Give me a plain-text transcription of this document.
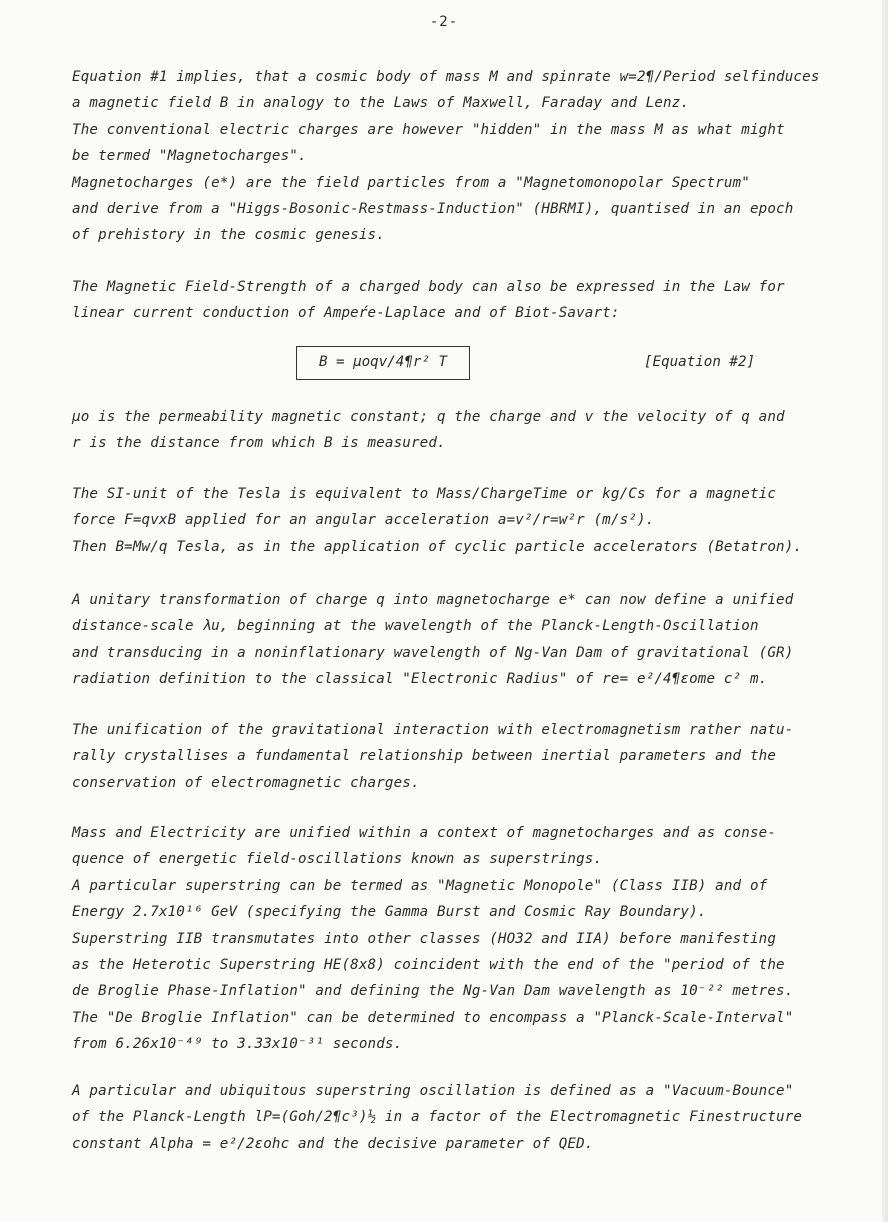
-2-
Equation #1 implies, that a cosmic body of mass M and spinrate w=2¶/Period selfinduces
a magnetic field B in analogy to the Laws of Maxwell, Faraday and Lenz.
The conventional electric charges are however "hidden" in the mass M as what might
be termed "Magnetocharges".
Magnetocharges (e*) are the field particles from a "Magnetomonopolar Spectrum"
and derive from a "Higgs-Bosonic-Restmass-Induction" (HBRMI), quantised in an epoch
of prehistory in the cosmic genesis.
The Magnetic Field-Strength of a charged body can also be expressed in the Law for
linear current conduction of Ampeŕe-Laplace and of Biot-Savart:
B = μoqv/4¶r² T	[Equation #2]
μo is the permeability magnetic constant; q the charge and v the velocity of q and
r is the distance from which B is measured.
The SI-unit of the Tesla is equivalent to Mass/ChargeTime or kg/Cs for a magnetic
force F=qvxB applied for an angular acceleration a=v²/r=w²r (m/s²).
Then B=Mw/q Tesla, as in the application of cyclic particle accelerators (Betatron).
A unitary transformation of charge q into magnetocharge e* can now define a unified
distance-scale λu, beginning at the wavelength of the Planck-Length-Oscillation
and transducing in a noninflationary wavelength of Ng-Van Dam of gravitational (GR)
radiation definition to the classical "Electronic Radius" of re= e²/4¶εome c² m.
The unification of the gravitational interaction with electromagnetism rather natu-
rally crystallises a fundamental relationship between inertial parameters and the
conservation of electromagnetic charges.
Mass and Electricity are unified within a context of magnetocharges and as conse-
quence of energetic field-oscillations known as superstrings.
A particular superstring can be termed as "Magnetic Monopole" (Class IIB) and of
Energy 2.7x10¹⁶ GeV (specifying the Gamma Burst and Cosmic Ray Boundary).
Superstring IIB transmutates into other classes (HO32 and IIA) before manifesting
as the Heterotic Superstring HE(8x8) coincident with the end of the "period of the
de Broglie Phase-Inflation" and defining the Ng-Van Dam wavelength as 10⁻²² metres.
The "De Broglie Inflation" can be determined to encompass a "Planck-Scale-Interval"
from 6.26x10⁻⁴⁹ to 3.33x10⁻³¹ seconds.
A particular and ubiquitous superstring oscillation is defined as a "Vacuum-Bounce"
of the Planck-Length lP=(Goh/2¶c³)½ in a factor of the Electromagnetic Finestructure
constant Alpha = e²/2εohc and the decisive parameter of QED.
